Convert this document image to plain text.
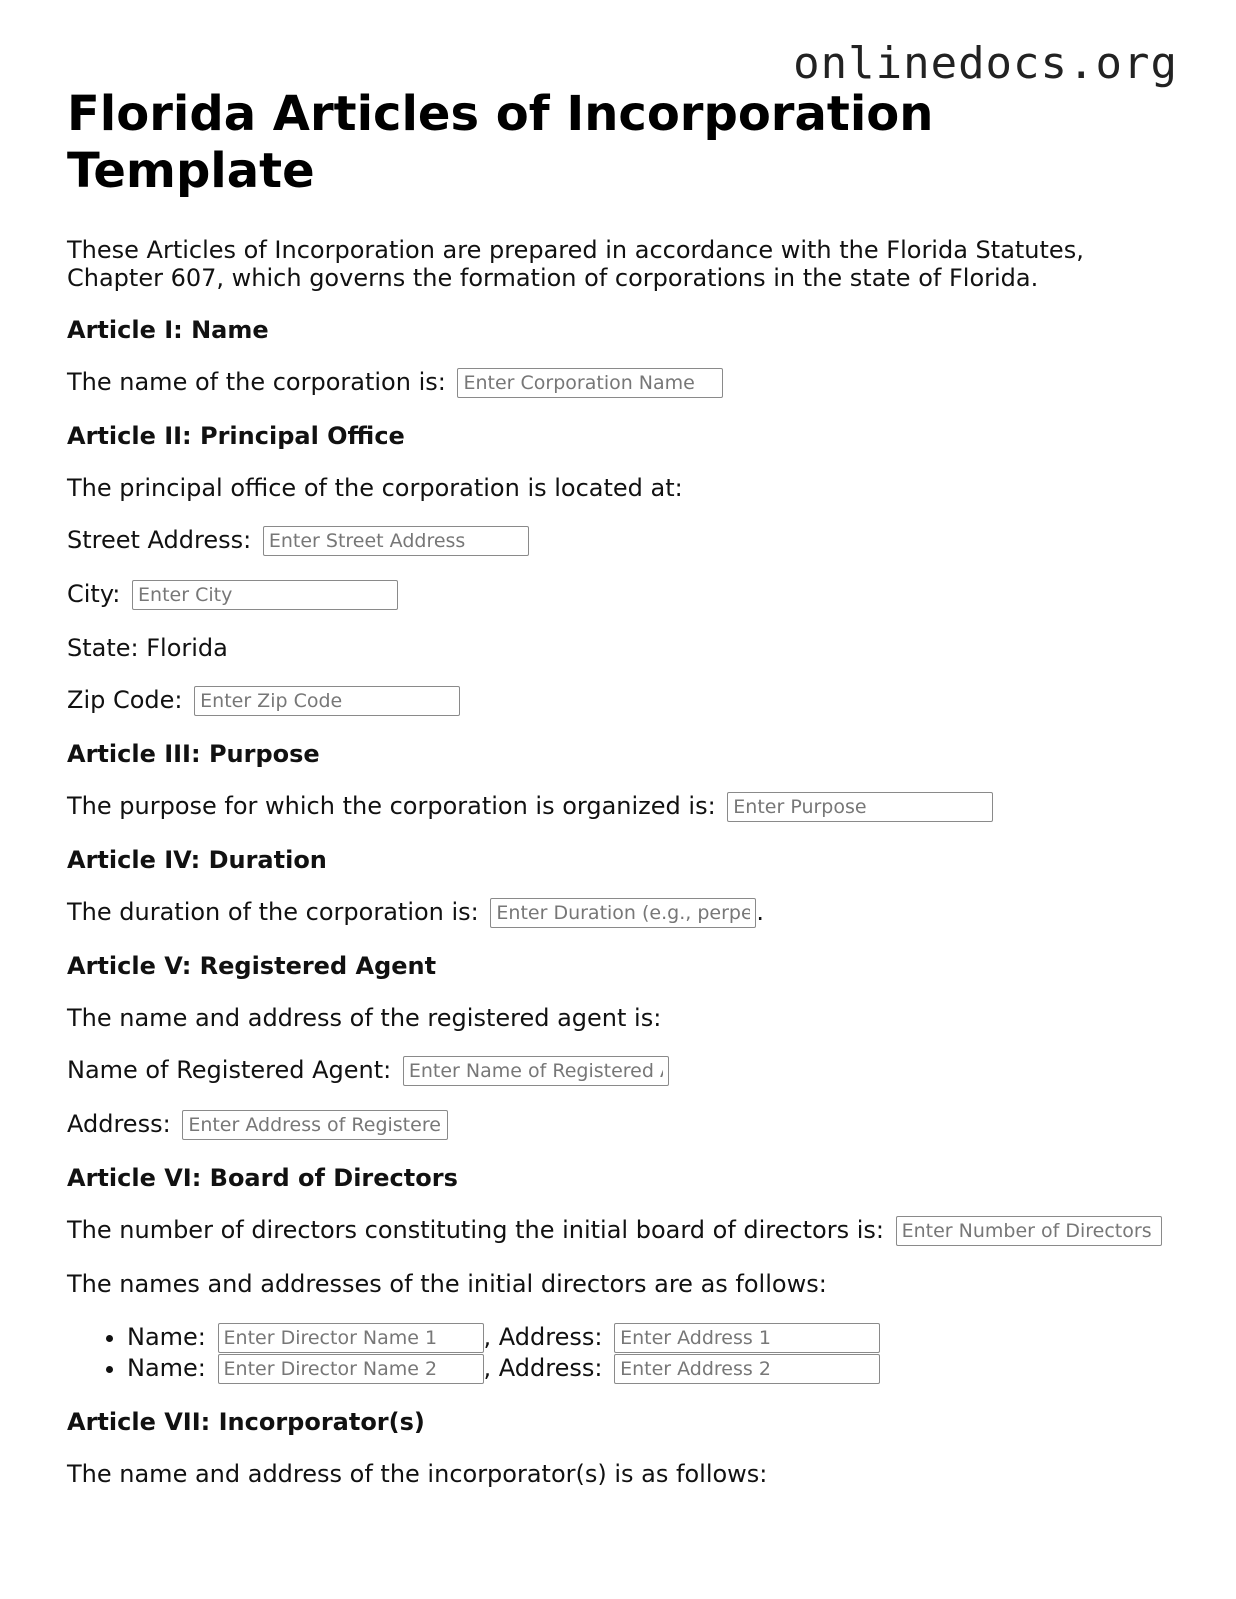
onlinedocs.org
Florida Articles of Incorporation Template

These Articles of Incorporation are prepared in accordance with the Florida Statutes, Chapter 607, which governs the formation of corporations in the state of Florida.

Article I: Name

The name of the corporation is: Enter Corporation Name

Article II: Principal Office

The principal office of the corporation is located at:

Street Address: Enter Street Address

City: Enter City

State: Florida

Zip Code: Enter Zip Code

Article III: Purpose

The purpose for which the corporation is organized is: Enter Purpose

Article IV: Duration

The duration of the corporation is: Enter Duration (e.g., perpetual)	.

Article V: Registered Agent

The name and address of the registered agent is:

Name of Registered Agent: Enter Name of Registered Agent

Address: Enter Address of Registered Agent

Article VI: Board of Directors

The number of directors constituting the initial board of directors is: Enter Number of Directors

The names and addresses of the initial directors are as follows:

• Name: Enter Director Name 1	, Address: Enter Address 1
• Name: Enter Director Name 2	, Address: Enter Address 2
Article VII: Incorporator(s)

The name and address of the incorporator(s) is as follows:
